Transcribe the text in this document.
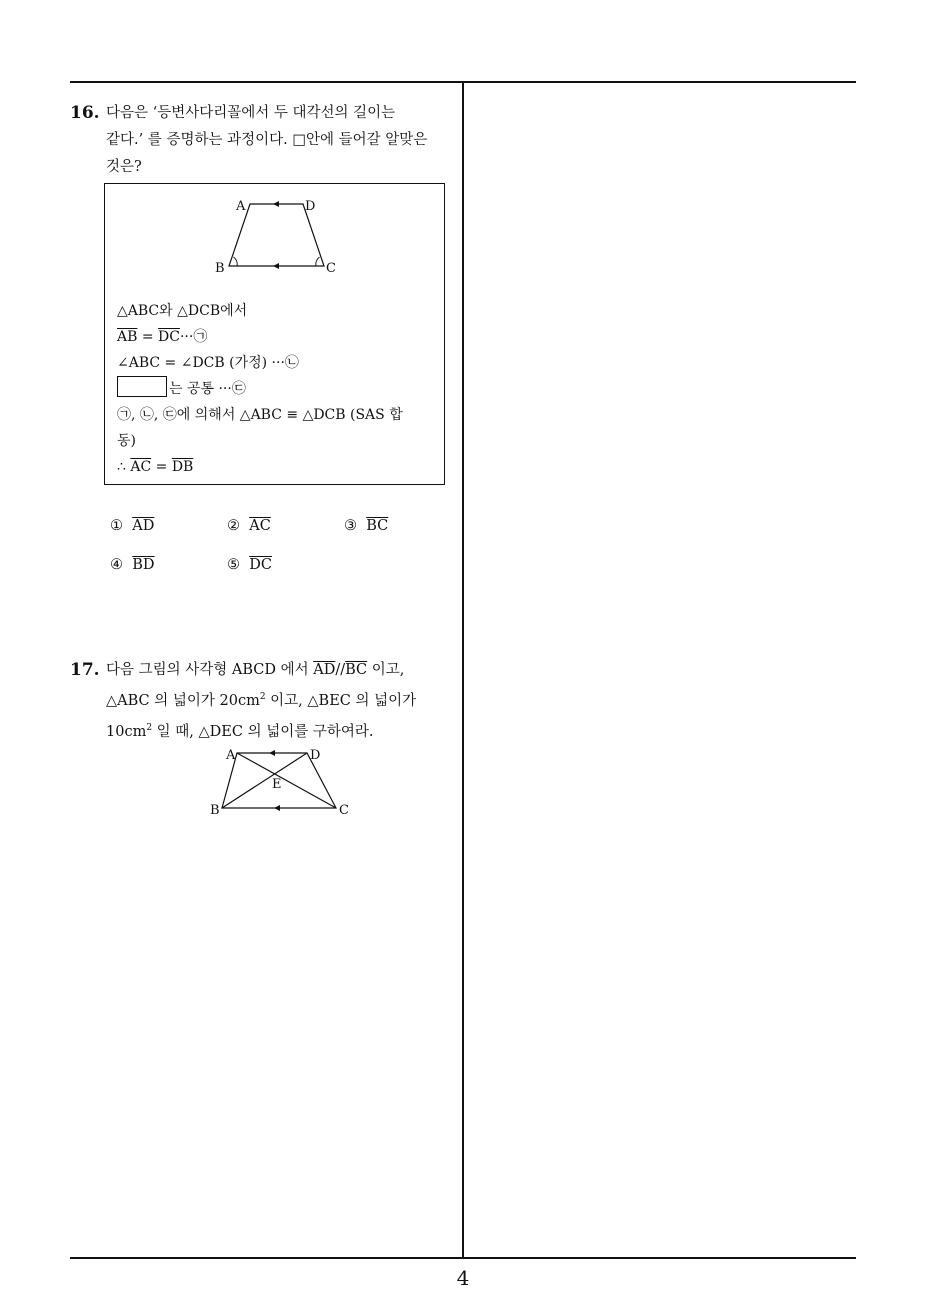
16. 다음은 ‘등변사다리꼴에서 두 대각선의 길이는
같다.’ 를 증명하는 과정이다. □안에 들어갈 알맞은
것은?
A	D
B	C
△ABC와 △DCB에서
$\overline{AB}$ = $\overline{DC}\cdot\cdot\cdot㉠$
∠ABC = ∠DCB (가정) ···㉡
는 공통 ···㉢
㉠, ㉡, ㉢에 의해서 △ABC ≡ △DCB (SAS 합
동)
∴ $\overline{AC} = \overline{DB}$
① $\overline{AD}$	② $\overline{AC}$	③ $\overline{BC}$
④ $\overline{BD}$	⑤ $\overline{DC}$
17. 다음 그림의 사각형 ABCD 에서 $\overline{AD}//\overline{BC}$ 이고,
△ABC 의 넓이가 $20cm^2$ 이고, △BEC 의 넓이가
$10cm^2$ 일 때, △DEC 의 넓이를 구하여라.
A	D
E
B	C
4
